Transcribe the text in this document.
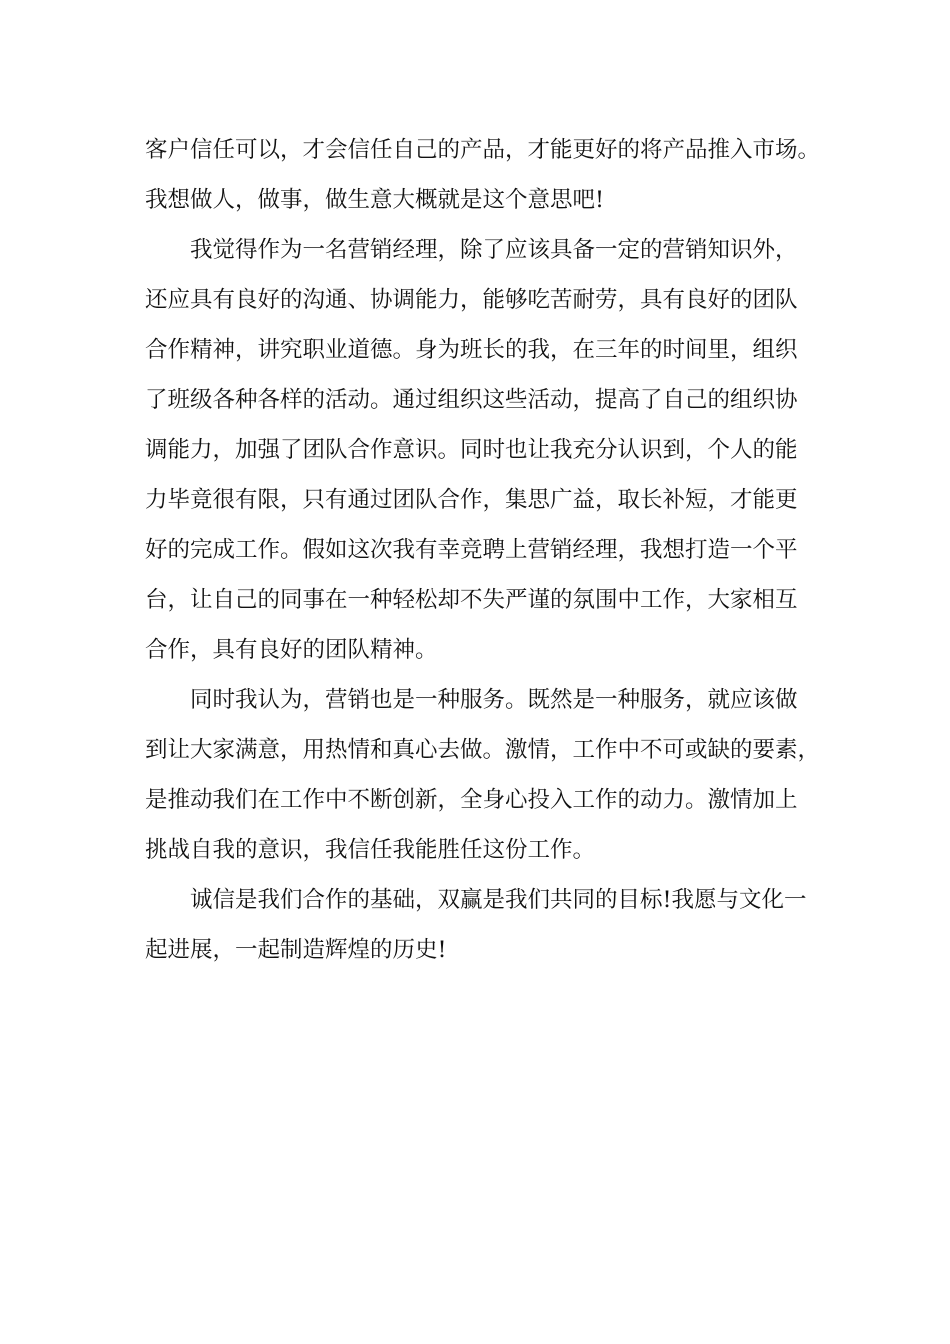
客户信任可以，才会信任自己的产品，才能更好的将产品推入市场。
我想做人，做事，做生意大概就是这个意思吧!
我觉得作为一名营销经理，除了应该具备一定的营销知识外，
还应具有良好的沟通、协调能力，能够吃苦耐劳，具有良好的团队
合作精神，讲究职业道德。身为班长的我，在三年的时间里，组织
了班级各种各样的活动。通过组织这些活动，提高了自己的组织协
调能力，加强了团队合作意识。同时也让我充分认识到，个人的能
力毕竟很有限，只有通过团队合作，集思广益，取长补短，才能更
好的完成工作。假如这次我有幸竞聘上营销经理，我想打造一个平
台，让自己的同事在一种轻松却不失严谨的氛围中工作，大家相互
合作，具有良好的团队精神。
同时我认为，营销也是一种服务。既然是一种服务，就应该做
到让大家满意，用热情和真心去做。激情，工作中不可或缺的要素，
是推动我们在工作中不断创新，全身心投入工作的动力。激情加上
挑战自我的意识，我信任我能胜任这份工作。
诚信是我们合作的基础，双赢是我们共同的目标!我愿与文化一
起进展，一起制造辉煌的历史!
